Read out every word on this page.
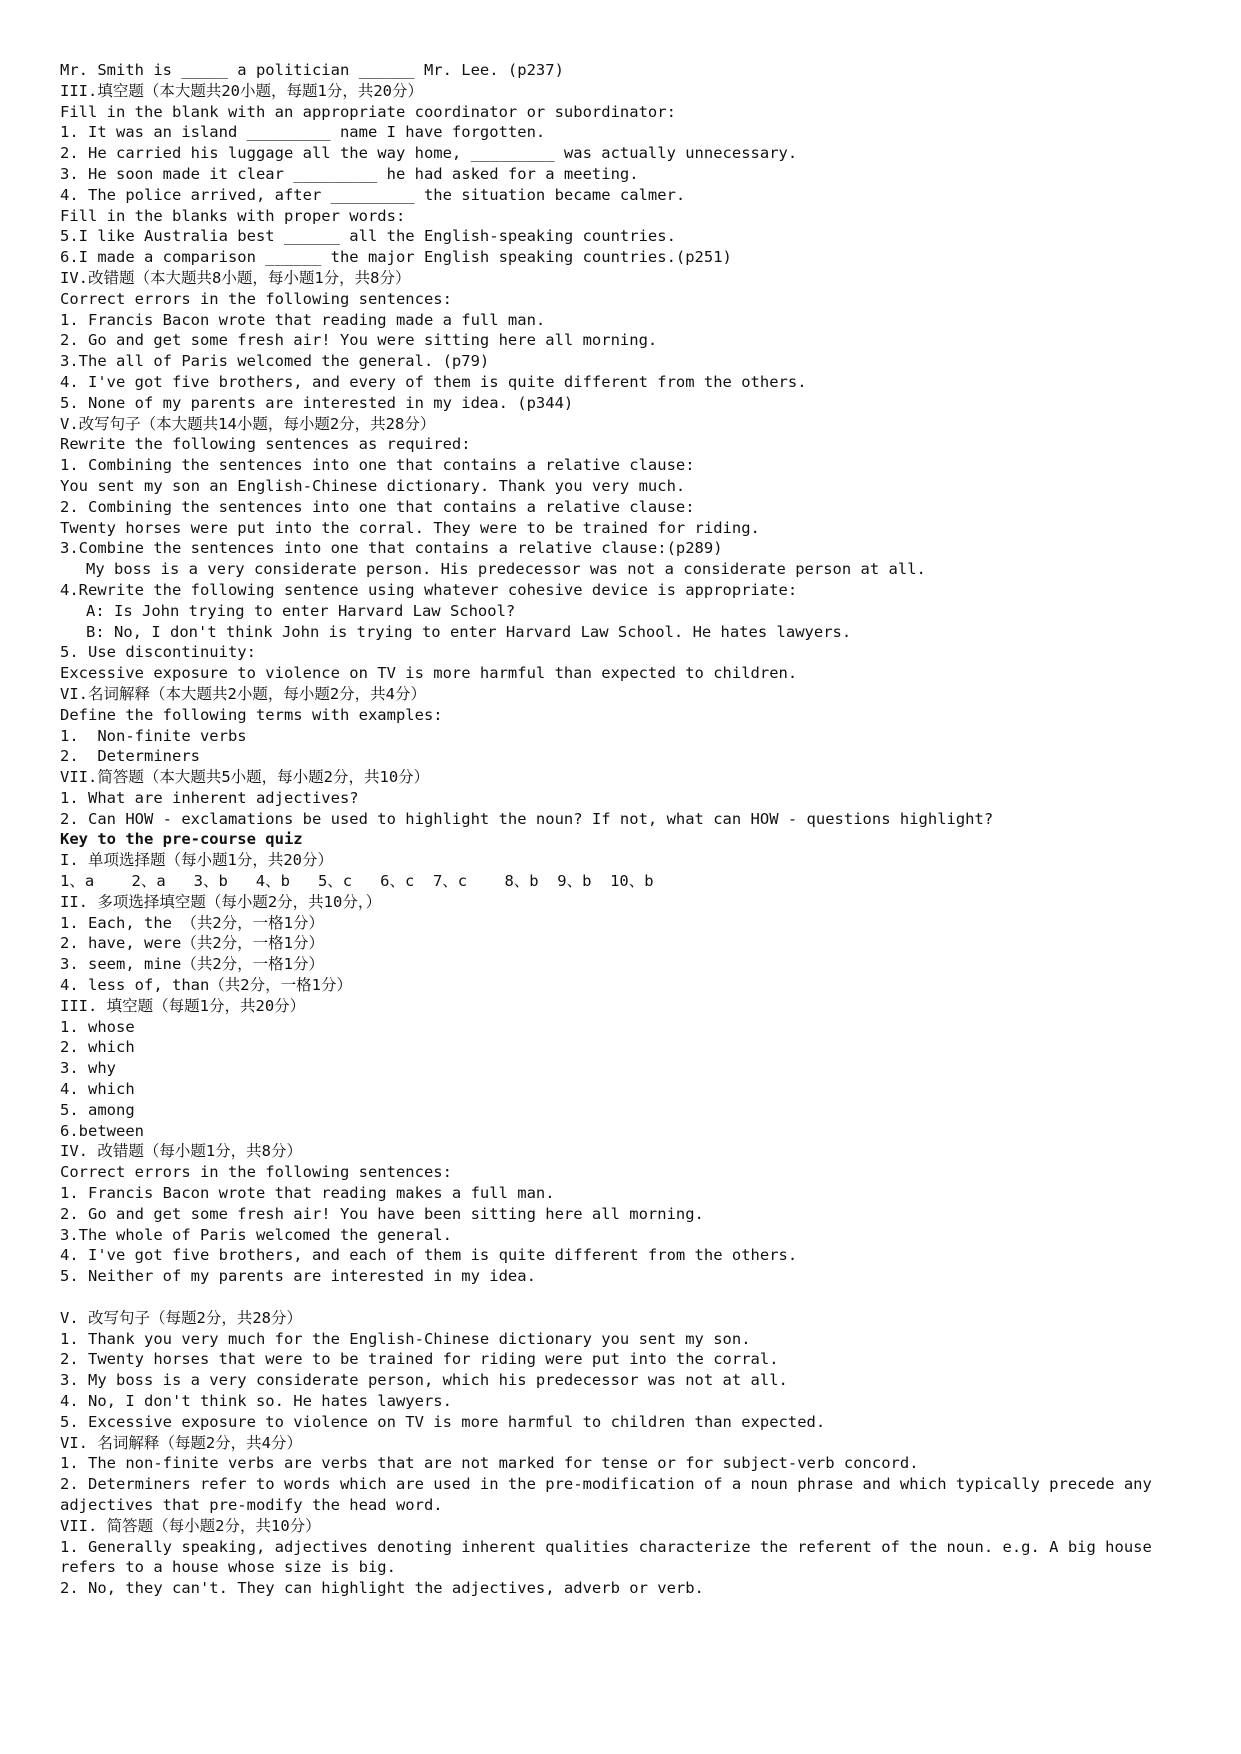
Mr. Smith is _____ a politician ______ Mr. Lee. (p237)
III.填空题（本大题共20小题，每题1分，共20分）
Fill in the blank with an appropriate coordinator or subordinator:
1. It was an island _________ name I have forgotten.
2. He carried his luggage all the way home, _________ was actually unnecessary.
3. He soon made it clear _________ he had asked for a meeting.
4. The police arrived, after _________ the situation became calmer.
Fill in the blanks with proper words:
5.I like Australia best ______ all the English-speaking countries.
6.I made a comparison ______ the major English speaking countries.(p251)
IV.改错题（本大题共8小题，每小题1分，共8分）
Correct errors in the following sentences:
1. Francis Bacon wrote that reading made a full man.
2. Go and get some fresh air! You were sitting here all morning.
3.The all of Paris welcomed the general. (p79)
4. I've got five brothers, and every of them is quite different from the others.
5. None of my parents are interested in my idea. (p344)
V.改写句子（本大题共14小题，每小题2分，共28分）
Rewrite the following sentences as required:
1. Combining the sentences into one that contains a relative clause:
You sent my son an English-Chinese dictionary. Thank you very much.
2. Combining the sentences into one that contains a relative clause:
Twenty horses were put into the corral. They were to be trained for riding.
3.Combine the sentences into one that contains a relative clause:(p289)
My boss is a very considerate person. His predecessor was not a considerate person at all.
4.Rewrite the following sentence using whatever cohesive device is appropriate:
A: Is John trying to enter Harvard Law School?
B: No, I don't think John is trying to enter Harvard Law School. He hates lawyers.
5. Use discontinuity:
Excessive exposure to violence on TV is more harmful than expected to children.
VI.名词解释（本大题共2小题，每小题2分，共4分）
Define the following terms with examples:
1.  Non-finite verbs
2.  Determiners
VII.简答题（本大题共5小题，每小题2分，共10分）
1. What are inherent adjectives?
2. Can HOW - exclamations be used to highlight the noun? If not, what can HOW - questions highlight?
Key to the pre-course quiz
I. 单项选择题（每小题1分，共20分）
1、a    2、a   3、b   4、b   5、c   6、c  7、c    8、b  9、b  10、b
II. 多项选择填空题（每小题2分，共10分，）
1. Each, the （共2分，一格1分）
2. have, were（共2分，一格1分）
3. seem, mine（共2分，一格1分）
4. less of, than（共2分，一格1分）
III. 填空题（每题1分，共20分）
1. whose
2. which
3. why
4. which
5. among
6.between
IV. 改错题（每小题1分，共8分）
Correct errors in the following sentences:
1. Francis Bacon wrote that reading makes a full man.
2. Go and get some fresh air! You have been sitting here all morning.
3.The whole of Paris welcomed the general.
4. I've got five brothers, and each of them is quite different from the others.
5. Neither of my parents are interested in my idea.
V. 改写句子（每题2分，共28分）
1. Thank you very much for the English-Chinese dictionary you sent my son.
2. Twenty horses that were to be trained for riding were put into the corral.
3. My boss is a very considerate person, which his predecessor was not at all.
4. No, I don't think so. He hates lawyers.
5. Excessive exposure to violence on TV is more harmful to children than expected.
VI. 名词解释（每题2分，共4分）
1. The non-finite verbs are verbs that are not marked for tense or for subject-verb concord.
2. Determiners refer to words which are used in the pre-modification of a noun phrase and which typically precede any adjectives that pre-modify the head word.
VII. 简答题（每小题2分，共10分）
1. Generally speaking, adjectives denoting inherent qualities characterize the referent of the noun. e.g. A big house refers to a house whose size is big.
2. No, they can't. They can highlight the adjectives, adverb or verb.
